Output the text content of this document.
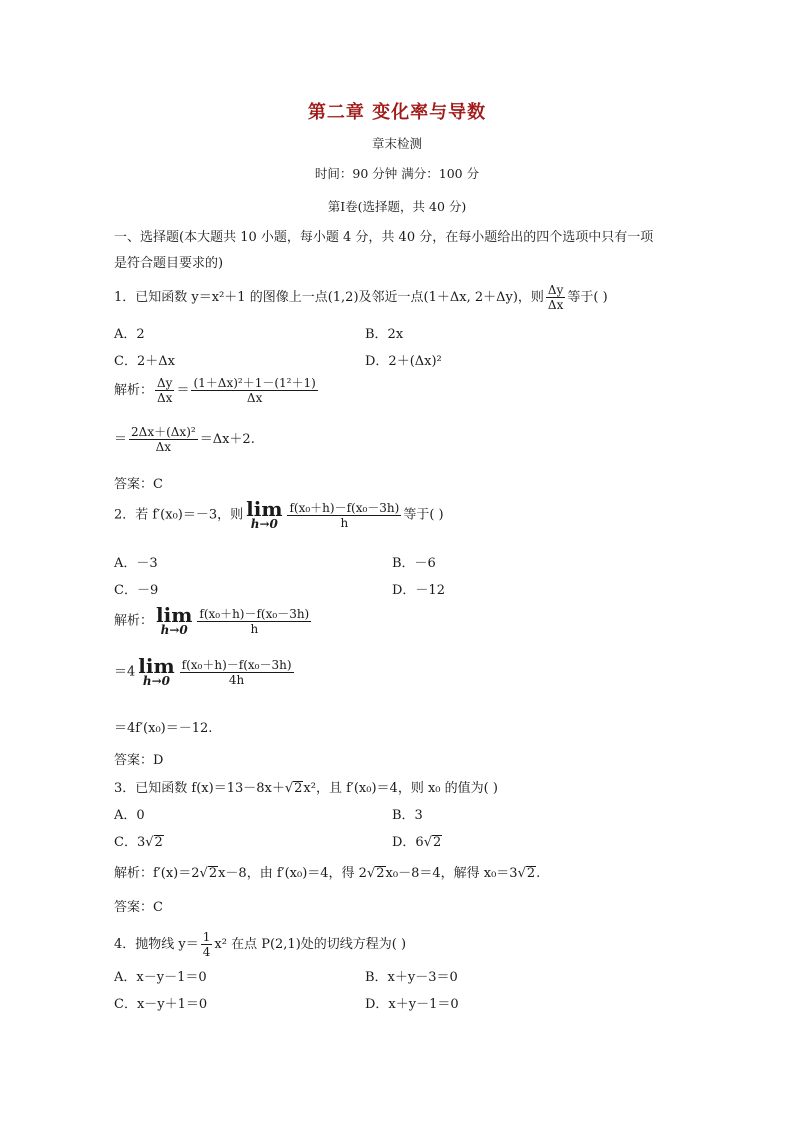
第二章 变化率与导数
章末检测
时间：90 分钟 满分：100 分
第Ⅰ卷(选择题，共 40 分)
一、选择题(本大题共 10 小题，每小题 4 分，共 40 分，在每小题给出的四个选项中只有一项
是符合题目要求的)
1．已知函数 y＝x²＋1 的图像上一点(1,2)及邻近一点(1＋Δx, 2＋Δy)，则 $\frac{\Delta y}{\Delta x}$ 等于( )
A．2	B．2x
C．2＋Δx	D．2＋(Δx)²
解析： $\frac{\Delta y}{\Delta x} = \frac{\text{(1＋Δx)²＋1－(1²＋1)}}{\Delta x}$
＝ $\frac{\text{2Δx＋(Δx)²}}{\Delta x} =\Delta x+2$.
答案：C
2．若 f′(x₀)＝－3，则 lim
$h\to 0 \frac{\text{f(x₀＋h)－f(x₀－3h)}}{h}$ 等于( )
A．－3	B．－6
C．－9	D．－12
解析： lim
$h\to 0 \frac{\text{f(x₀＋h)－f(x₀－3h)}}{h}$
＝4 lim
$h\to 0 \frac{\text{f(x₀＋h)－f(x₀－3h)}}{4h}$
＝4f′(x₀)＝－12.
答案：D
3．已知函数 f(x)＝13－8x＋√2x²，且 f′(x₀)＝4，则 x₀ 的值为( )
A．0	B．3
C．3√2	D．6√2
解析：f′(x)＝2√2x－8，由 f′(x₀)＝4，得 2√2x₀－8＝4，解得 x₀＝3√2.
答案：C
4．抛物线 $y= \frac{1}{4} x^2$ 在点 P(2,1)处的切线方程为( )
A．x－y－1＝0	B．x＋y－3＝0
C．x－y＋1＝0	D．x＋y－1＝0
